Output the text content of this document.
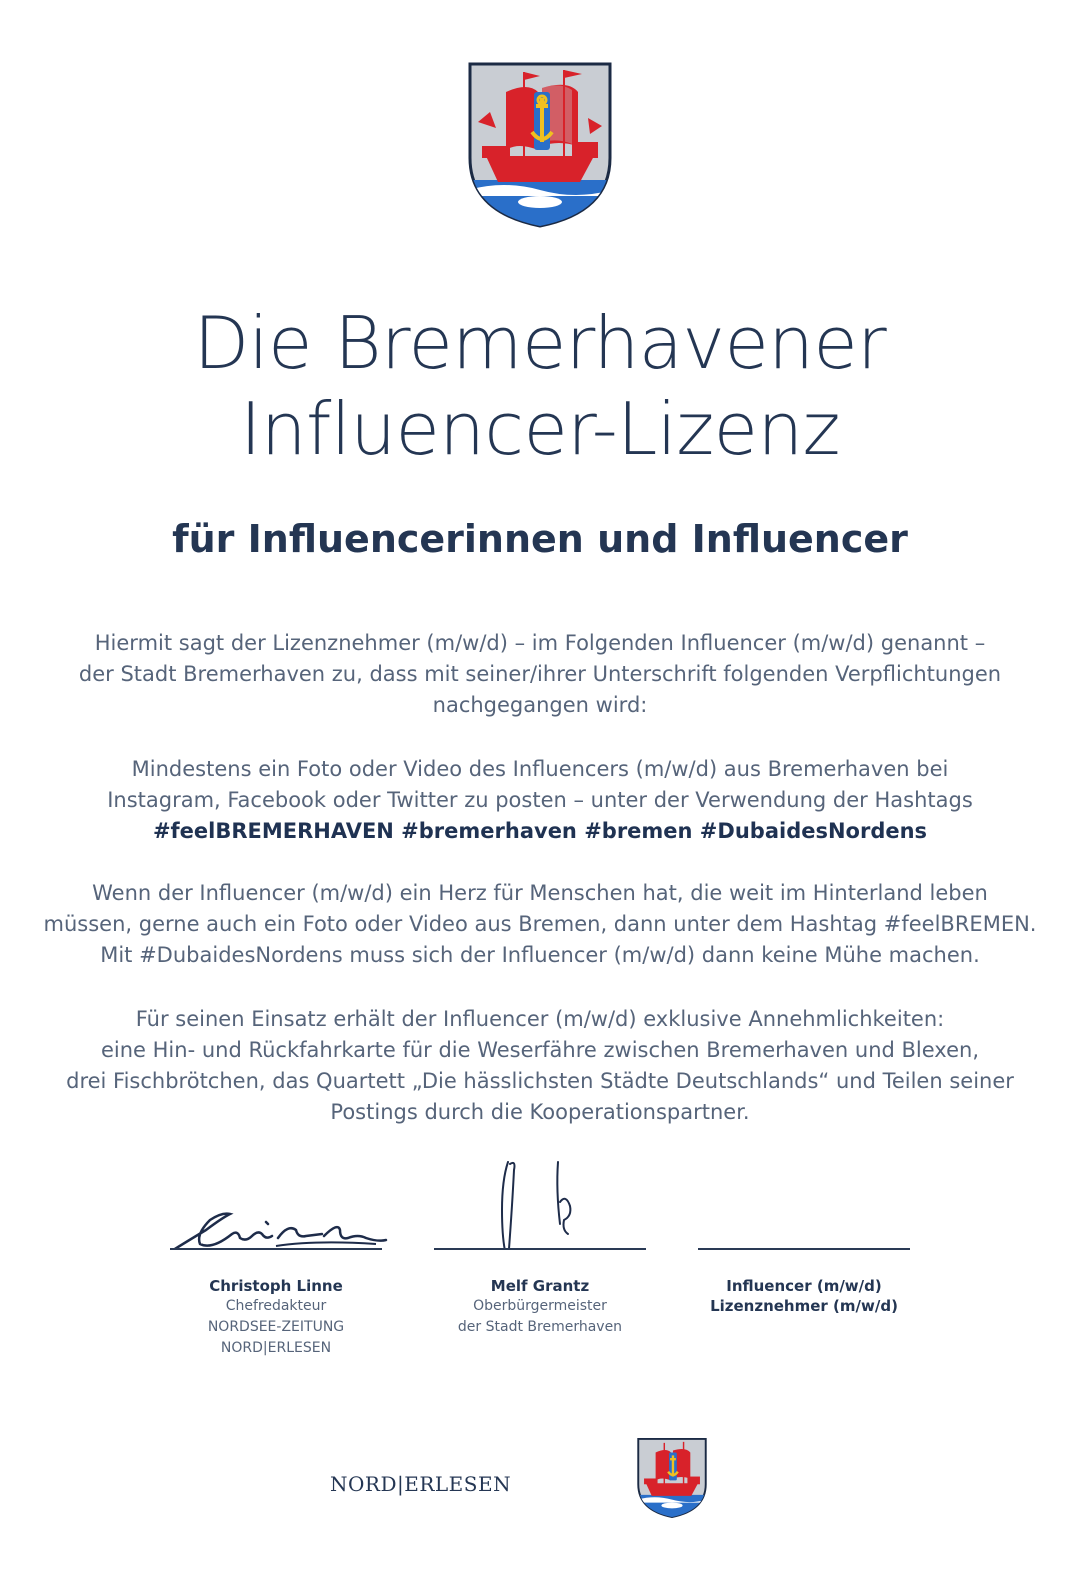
Die Bremerhavener
Influencer-Lizenz
für Influencerinnen und Influencer
Hiermit sagt der Lizenznehmer (m/w/d) – im Folgenden Influencer (m/w/d) genannt –
der Stadt Bremerhaven zu, dass mit seiner/ihrer Unterschrift folgenden Verpflichtungen
nachgegangen wird:
Mindestens ein Foto oder Video des Influencers (m/w/d) aus Bremerhaven bei
Instagram, Facebook oder Twitter zu posten – unter der Verwendung der Hashtags
#feelBREMERHAVEN #bremerhaven #bremen #DubaidesNordens
Wenn der Influencer (m/w/d) ein Herz für Menschen hat, die weit im Hinterland leben
müssen, gerne auch ein Foto oder Video aus Bremen, dann unter dem Hashtag #feelBREMEN.
Mit #DubaidesNordens muss sich der Influencer (m/w/d) dann keine Mühe machen.
Für seinen Einsatz erhält der Influencer (m/w/d) exklusive Annehmlichkeiten:
eine Hin- und Rückfahrkarte für die Weserfähre zwischen Bremerhaven und Blexen,
drei Fischbrötchen, das Quartett „Die hässlichsten Städte Deutschlands“ und Teilen seiner
Postings durch die Kooperationspartner.
Christoph Linne
Chefredakteur
NORDSEE-ZEITUNG
NORD|ERLESEN
Melf Grantz
Oberbürgermeister
der Stadt Bremerhaven
Influencer (m/w/d)
Lizenznehmer (m/w/d)
NORD|ERLESEN
